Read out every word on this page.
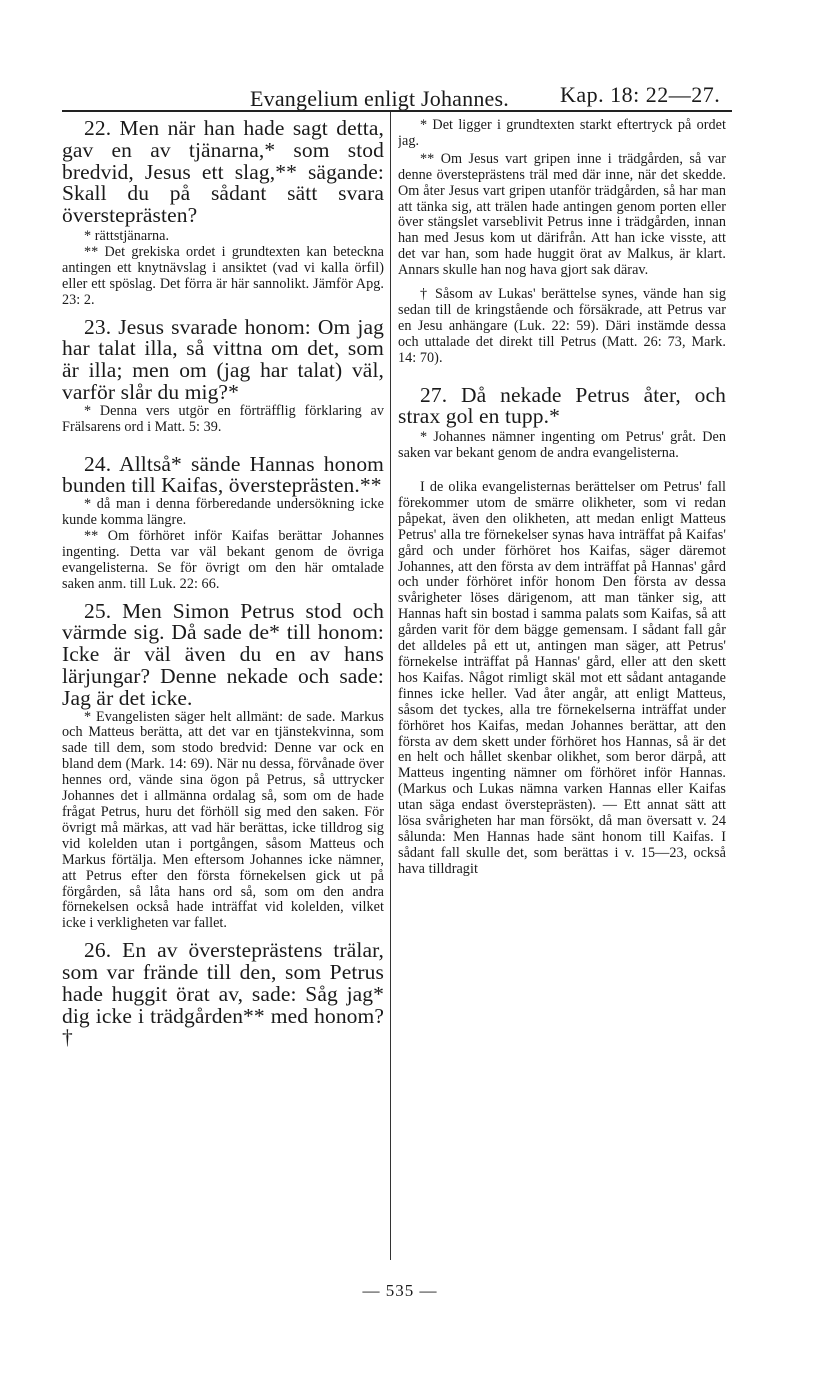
Evangelium enligt Johannes.	Kap. 18: 22—27.

22. Men när han hade sagt detta, gav en av tjänarna,* som stod bredvid, Jesus ett slag,** sägande: Skall du på sådant sätt svara översteprästen?

* rättstjänarna.

** Det grekiska ordet i grundtexten kan beteckna antingen ett knytnävslag i ansiktet (vad vi kalla örfil) eller ett spöslag. Det förra är här sannolikt. Jämför Apg. 23: 2.

23. Jesus svarade honom: Om jag har talat illa, så vittna om det, som är illa; men om (jag har talat) väl, varför slår du mig?*

* Denna vers utgör en förträfflig förklaring av Frälsarens ord i Matt. 5: 39.

24. Alltså* sände Hannas honom bunden till Kaifas, översteprästen.**

* då man i denna förberedande undersökning icke kunde komma längre.

** Om förhöret inför Kaifas berättar Johannes ingenting. Detta var väl bekant genom de övriga evangelisterna. Se för övrigt om den här omtalade saken anm. till Luk. 22: 66.

25. Men Simon Petrus stod och värmde sig. Då sade de* till honom: Icke är väl även du en av hans lärjungar? Denne nekade och sade: Jag är det icke.

* Evangelisten säger helt allmänt: de sade. Markus och Matteus berätta, att det var en tjänstekvinna, som sade till dem, som stodo bredvid: Denne var ock en bland dem (Mark. 14: 69). När nu dessa, förvånade över hennes ord, vände sina ögon på Petrus, så uttrycker Johannes det i allmänna ordalag så, som om de hade frågat Petrus, huru det förhöll sig med den saken. För övrigt må märkas, att vad här berättas, icke tilldrog sig vid kolelden utan i portgången, såsom Matteus och Markus förtälja. Men eftersom Johannes icke nämner, att Petrus efter den första förnekelsen gick ut på förgården, så låta hans ord så, som om den andra förnekelsen också hade inträffat vid kolelden, vilket icke i verkligheten var fallet.

26. En av översteprästens trälar, som var frände till den, som Petrus hade huggit örat av, sade: Såg jag* dig icke i trädgården** med honom?†

* Det ligger i grundtexten starkt eftertryck på ordet jag.

** Om Jesus vart gripen inne i trädgården, så var denne översteprästens träl med där inne, när det skedde. Om åter Jesus vart gripen utanför trädgården, så har man att tänka sig, att trälen hade antingen genom porten eller över stängslet varseblivit Petrus inne i trädgården, innan han med Jesus kom ut därifrån. Att han icke visste, att det var han, som hade huggit örat av Malkus, är klart. Annars skulle han nog hava gjort sak därav.

† Såsom av Lukas' berättelse synes, vände han sig sedan till de kringstående och försäkrade, att Petrus var en Jesu anhängare (Luk. 22: 59). Däri instämde dessa och uttalade det direkt till Petrus (Matt. 26: 73, Mark. 14: 70).

27. Då nekade Petrus åter, och strax gol en tupp.*

* Johannes nämner ingenting om Petrus' gråt. Den saken var bekant genom de andra evangelisterna.

I de olika evangelisternas berättelser om Petrus' fall förekommer utom de smärre olikheter, som vi redan påpekat, även den olikheten, att medan enligt Matteus Petrus' alla tre förnekelser synas hava inträffat på Kaifas' gård och under förhöret hos Kaifas, säger däremot Johannes, att den första av dem inträffat på Hannas' gård och under förhöret inför honom Den första av dessa svårigheter löses därigenom, att man tänker sig, att Hannas haft sin bostad i samma palats som Kaifas, så att gården varit för dem bägge gemensam. I sådant fall går det alldeles på ett ut, antingen man säger, att Petrus' förnekelse inträffat på Hannas' gård, eller att den skett hos Kaifas. Något rimligt skäl mot ett sådant antagande finnes icke heller. Vad åter angår, att enligt Matteus, såsom det tyckes, alla tre förnekelserna inträffat under förhöret hos Kaifas, medan Johannes berättar, att den första av dem skett under förhöret hos Hannas, så är det en helt och hållet skenbar olikhet, som beror därpå, att Matteus ingenting nämner om förhöret inför Hannas. (Markus och Lukas nämna varken Hannas eller Kaifas utan säga endast översteprästen). — Ett annat sätt att lösa svårigheten har man försökt, då man översatt v. 24 sålunda: Men Hannas hade sänt honom till Kaifas. I sådant fall skulle det, som berättas i v. 15—23, också hava tilldragit

— 535 —
